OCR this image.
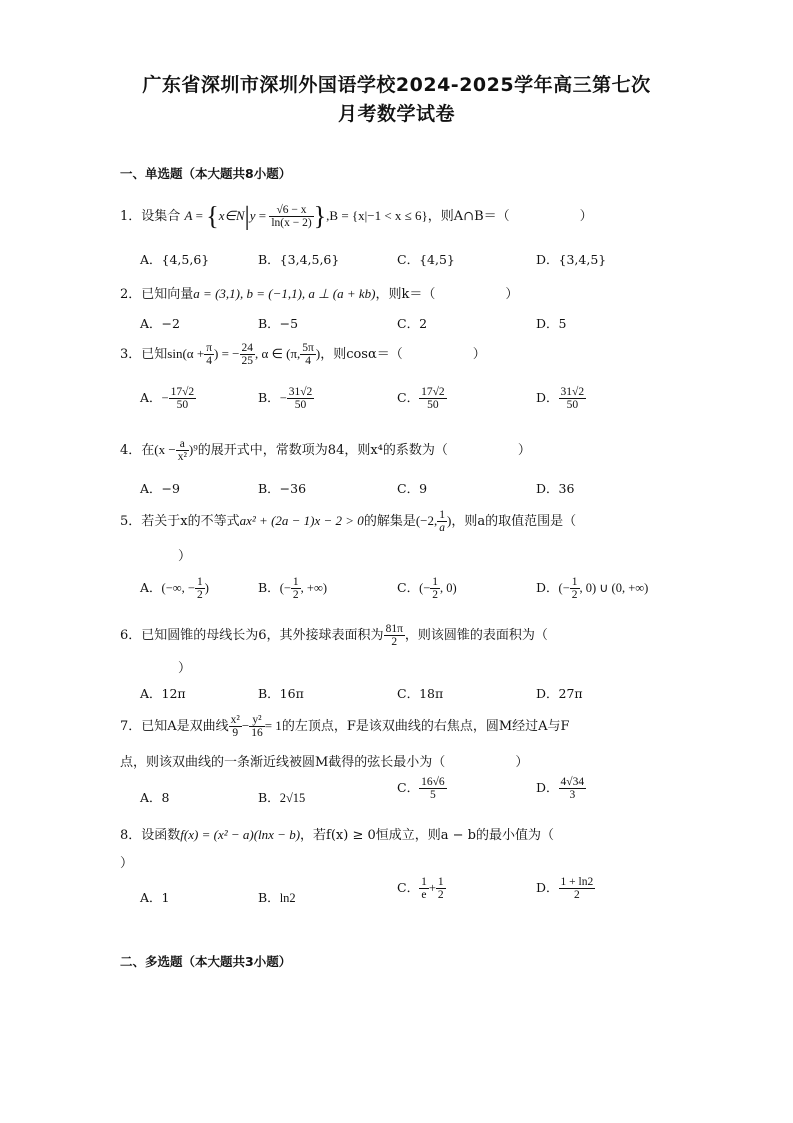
广东省深圳市深圳外国语学校2024-2025学年高三第七次
月考数学试卷
一、单选题（本大题共8小题）
1．设集合 A = {x∈N|y = $\frac{√6 - x}{\ln(x - 2)} \},B = \{x|-1 < x \le 6\}$，则A∩B＝（	）
A．{4,5,6}	B．{3,4,5,6}	C．{4,5}	D．{3,4,5}
2．已知向量a = (3,1), b = (−1,1), a ⊥ (a + kb)，则k＝（	）
A．−2	B．−5	C．2	D．5
3．已知$\sin(\alpha + \frac{\pi}{4}$ ) = − $\frac{24}{25}$ , α ∈ (π, $\frac{5\pi}{4}$ )，则cosα＝（	）
A．− $\frac{17√2}{50}$	B．− $\frac{31√2}{50}$	C． $\frac{17√2}{50}$	D． $\frac{31√2}{50}$
4．在$(x - \frac{a}{\text{x²}} )^9$的展开式中，常数项为84，则x⁴的系数为（	）
A．−9	B．−36	C．9	D．36
5．若关于x的不等式ax² + (2a − 1)x − 2 > 0的解集是(−2, $\frac{1}{a}$ )，则a的取值范围是（
）
A．(−∞, − $\frac{1}{2}$ )	B．(− $\frac{1}{2}$ , +∞)	C．(− $\frac{1}{2}$ , 0)	D．(− $\frac{1}{2}$ , 0) ∪ (0, +∞)
6．已知圆锥的母线长为6，其外接球表面积为 $\frac{81\pi}{2}$ ，则该圆锥的表面积为（
）
A．12π	B．16π	C．18π	D．27π
7．已知A是双曲线 $\frac{\text{x²}}{9} - \frac{\text{y²}}{16} = 1$的左顶点，F是该双曲线的右焦点，圆M经过A与F
点，则该双曲线的一条渐近线被圆M截得的弦长最小为（	）
A．8	B．2√15
C． $\frac{16√6}{5}$	D． $\frac{4√34}{3}$
8．设函数f(x) = (x² − a)(lnx − b)，若f(x) ≥ 0恒成立，则a − b的最小值为（
）
A．1	B．ln2
C． $\frac{1}{e} + \frac{1}{2}$	D． $\frac{1 + \ln 2}{2}$
二、多选题（本大题共3小题）
